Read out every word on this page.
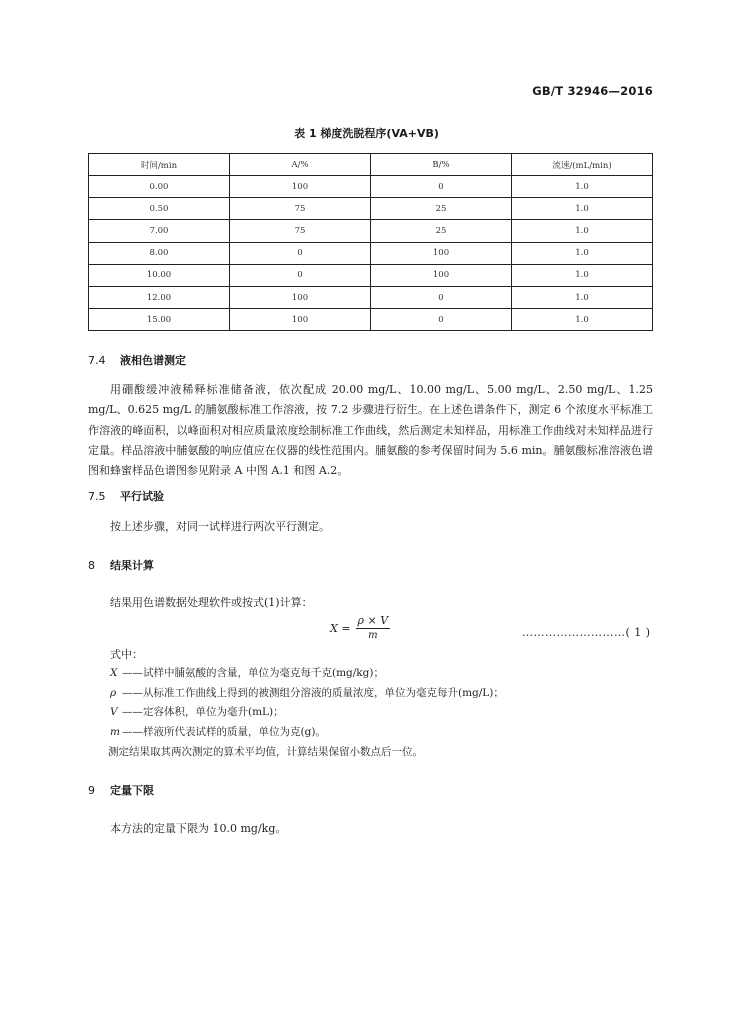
GB/T 32946—2016
表 1 梯度洗脱程序(VA+VB)
时间/min	A/%	B/%	流速/(mL/min)
0.00	100	0	1.0
0.50	75	25	1.0
7.00	75	25	1.0
8.00	0	100	1.0
10.00	0	100	1.0
12.00	100	0	1.0
15.00	100	0	1.0
7.4 液相色谱测定
用硼酸缓冲液稀释标准储备液，依次配成 20.00 mg/L、10.00 mg/L、5.00 mg/L、2.50 mg/L、1.25 mg/L、0.625 mg/L 的脯氨酸标准工作溶液，按 7.2 步骤进行衍生。在上述色谱条件下，测定 6 个浓度水平标准工作溶液的峰面积，以峰面积对相应质量浓度绘制标准工作曲线，然后测定未知样品，用标准工作曲线对未知样品进行定量。样品溶液中脯氨酸的响应值应在仪器的线性范围内。脯氨酸的参考保留时间为 5.6 min。脯氨酸标准溶液色谱图和蜂蜜样品色谱图参见附录 A 中图 A.1 和图 A.2。
7.5 平行试验
按上述步骤，对同一试样进行两次平行测定。
8 结果计算
结果用色谱数据处理软件或按式(1)计算：
$X = \frac{\rho \times V}{m}$	………………………( 1 )
式中：
X ——试样中脯氨酸的含量，单位为毫克每千克(mg/kg)；
ρ ——从标准工作曲线上得到的被测组分溶液的质量浓度，单位为毫克每升(mg/L)；
V ——定容体积，单位为毫升(mL)；
m ——样液所代表试样的质量，单位为克(g)。
测定结果取其两次测定的算术平均值，计算结果保留小数点后一位。
9 定量下限
本方法的定量下限为 10.0 mg/kg。
